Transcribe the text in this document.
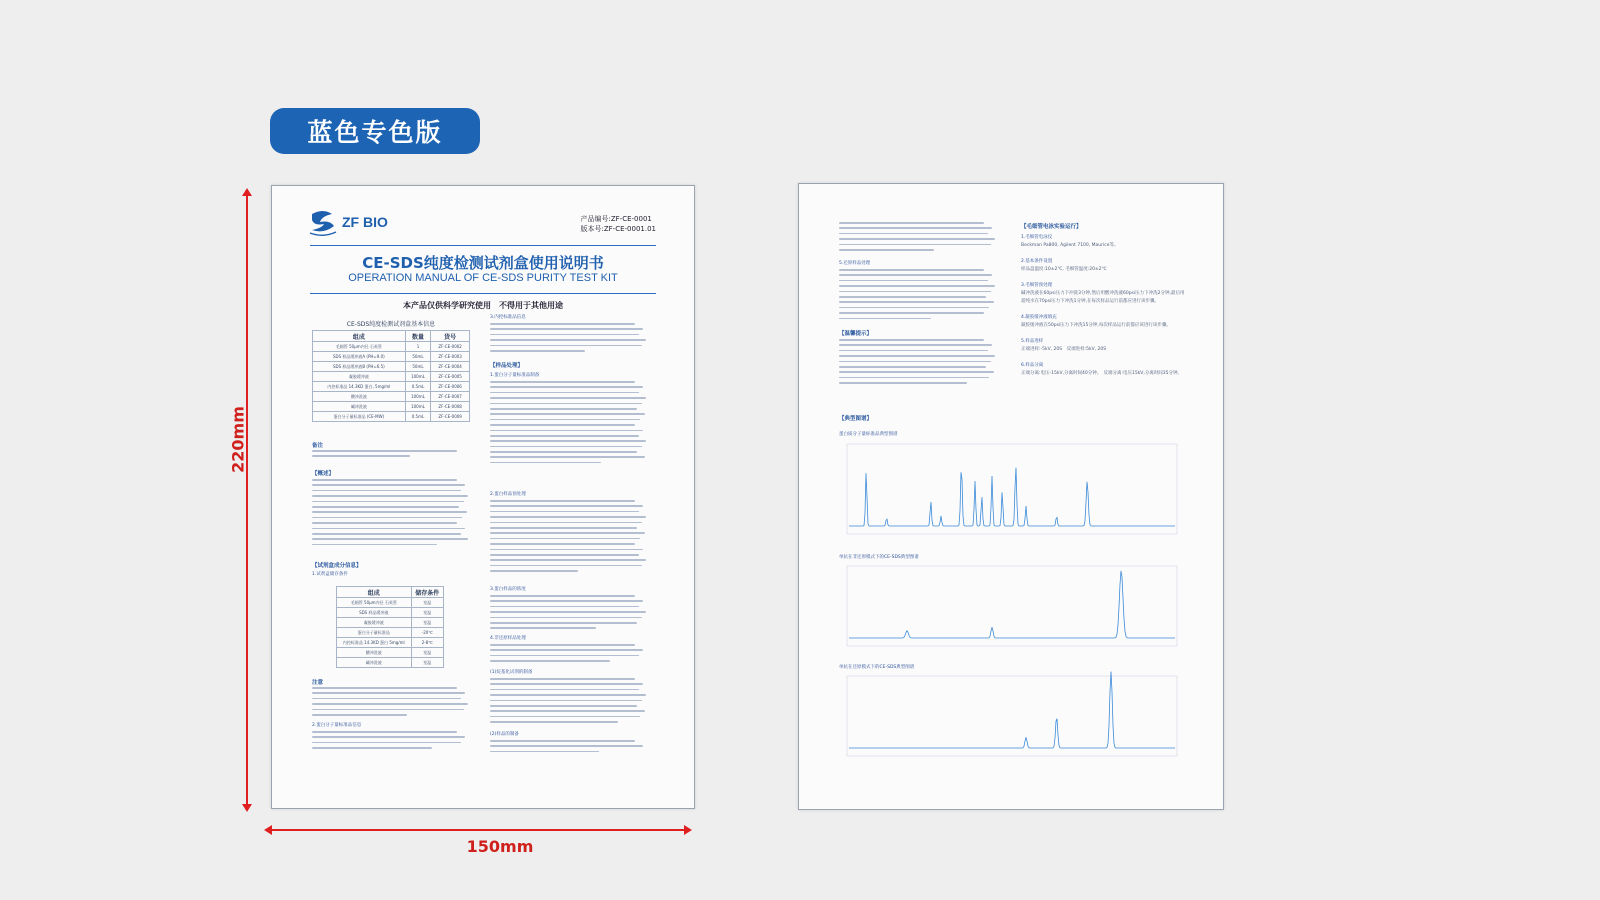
蓝色专色版
220mm
150mm
ZF BIO	产品编号:ZF-CE-0001
版本号:ZF-CE-0001.01
CE-SDS纯度检测试剂盒使用说明书
OPERATION MANUAL OF CE-SDS PURITY TEST KIT
本产品仅供科学研究使用　不得用于其他用途
CE-SDS纯度检测试剂盒基本信息
组成	数量	货号
毛细管 50μm内径 石英管	1	ZF-CE-0002
SDS 样品缓冲液A (PH=9.0)	50mL	ZF-CE-0003
SDS 样品缓冲液B (PH=6.5)	50mL	ZF-CE-0004
凝胶缓冲液	100mL	ZF-CE-0005
内控标准品 14.3KD 蛋白, 5mg/ml	0.5mL	ZF-CE-0006
酸冲洗液	100mL	ZF-CE-0007
碱冲洗液	100mL	ZF-CE-0008
蛋白分子量标准品 (CE-MW)	0.5mL	ZF-CE-0009
备注
【概述】
【试剂盒成分信息】
1.试剂盒储存条件
组成	储存条件
毛细管 50μm内径 石英管	室温
SDS 样品缓冲液	室温
凝胶缓冲液	室温
蛋白分子量标准品	-20℃
内控标准品 14.3KD 蛋白 5mg/ml	2-8℃
酸冲洗液	室温
碱冲洗液	室温
注意
2.蛋白分子量标准品信息
3.内控标准品信息
【样品处理】
1.蛋白分子量标准品制备
2.蛋白样品预处理
3.蛋白样品的浓度
4.非还原样品处理
(1)烷基化试剂的制备
(2)样品的制备
5.还原样品处理
【温馨提示】
【典型图谱】
蛋白质分子量标准品典型图谱
单抗在非还原模式下的CE-SDS典型图谱
单抗在还原模式下的CE-SDS典型图谱
【毛细管电泳实验运行】
1.毛细管电泳仪
Beckman Pa800, Agilent 7100, Maurice等。
2.基本条件设置
样品盘温度:10±2℃, 毛细管温度:20±2℃
3.毛细管预处理
碱冲洗液在60psi压力下冲洗3分钟,然后用酸冲洗液60psi压力下冲洗2分钟,最后用超纯水在70psi压力下冲洗1分钟,在每次样品运行前都应进行该步骤。
4.凝胶缓冲液填充
凝胶缓冲液在50psi压力下冲洗15分钟,每次样品运行前都应该进行该步骤。
5.样品进样
正端进样:-5kV, 20S　反端进样:5kV, 20S
6.样品分离
正端分离:电压-15kV,分离时间40分钟。　反端分离:电压15kV,分离时间35分钟。
